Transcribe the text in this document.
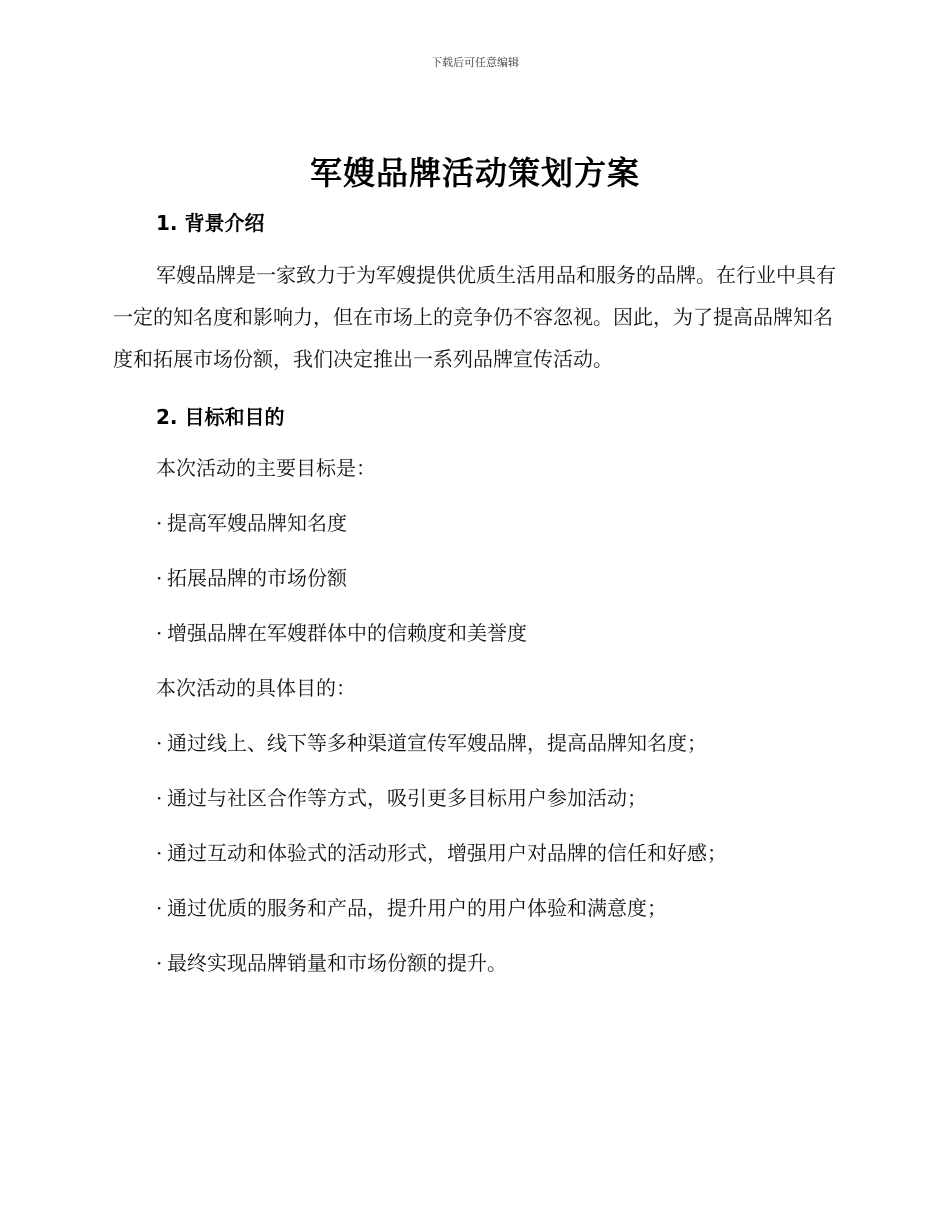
下载后可任意编辑
军嫂品牌活动策划方案
1. 背景介绍
军嫂品牌是一家致力于为军嫂提供优质生活用品和服务的品牌。在行业中具有一定的知名度和影响力，但在市场上的竞争仍不容忽视。因此，为了提高品牌知名度和拓展市场份额，我们决定推出一系列品牌宣传活动。
2. 目标和目的
本次活动的主要目标是：
· 提高军嫂品牌知名度
· 拓展品牌的市场份额
· 增强品牌在军嫂群体中的信赖度和美誉度
本次活动的具体目的：
· 通过线上、线下等多种渠道宣传军嫂品牌，提高品牌知名度；
· 通过与社区合作等方式，吸引更多目标用户参加活动；
· 通过互动和体验式的活动形式，增强用户对品牌的信任和好感；
· 通过优质的服务和产品，提升用户的用户体验和满意度；
· 最终实现品牌销量和市场份额的提升。
